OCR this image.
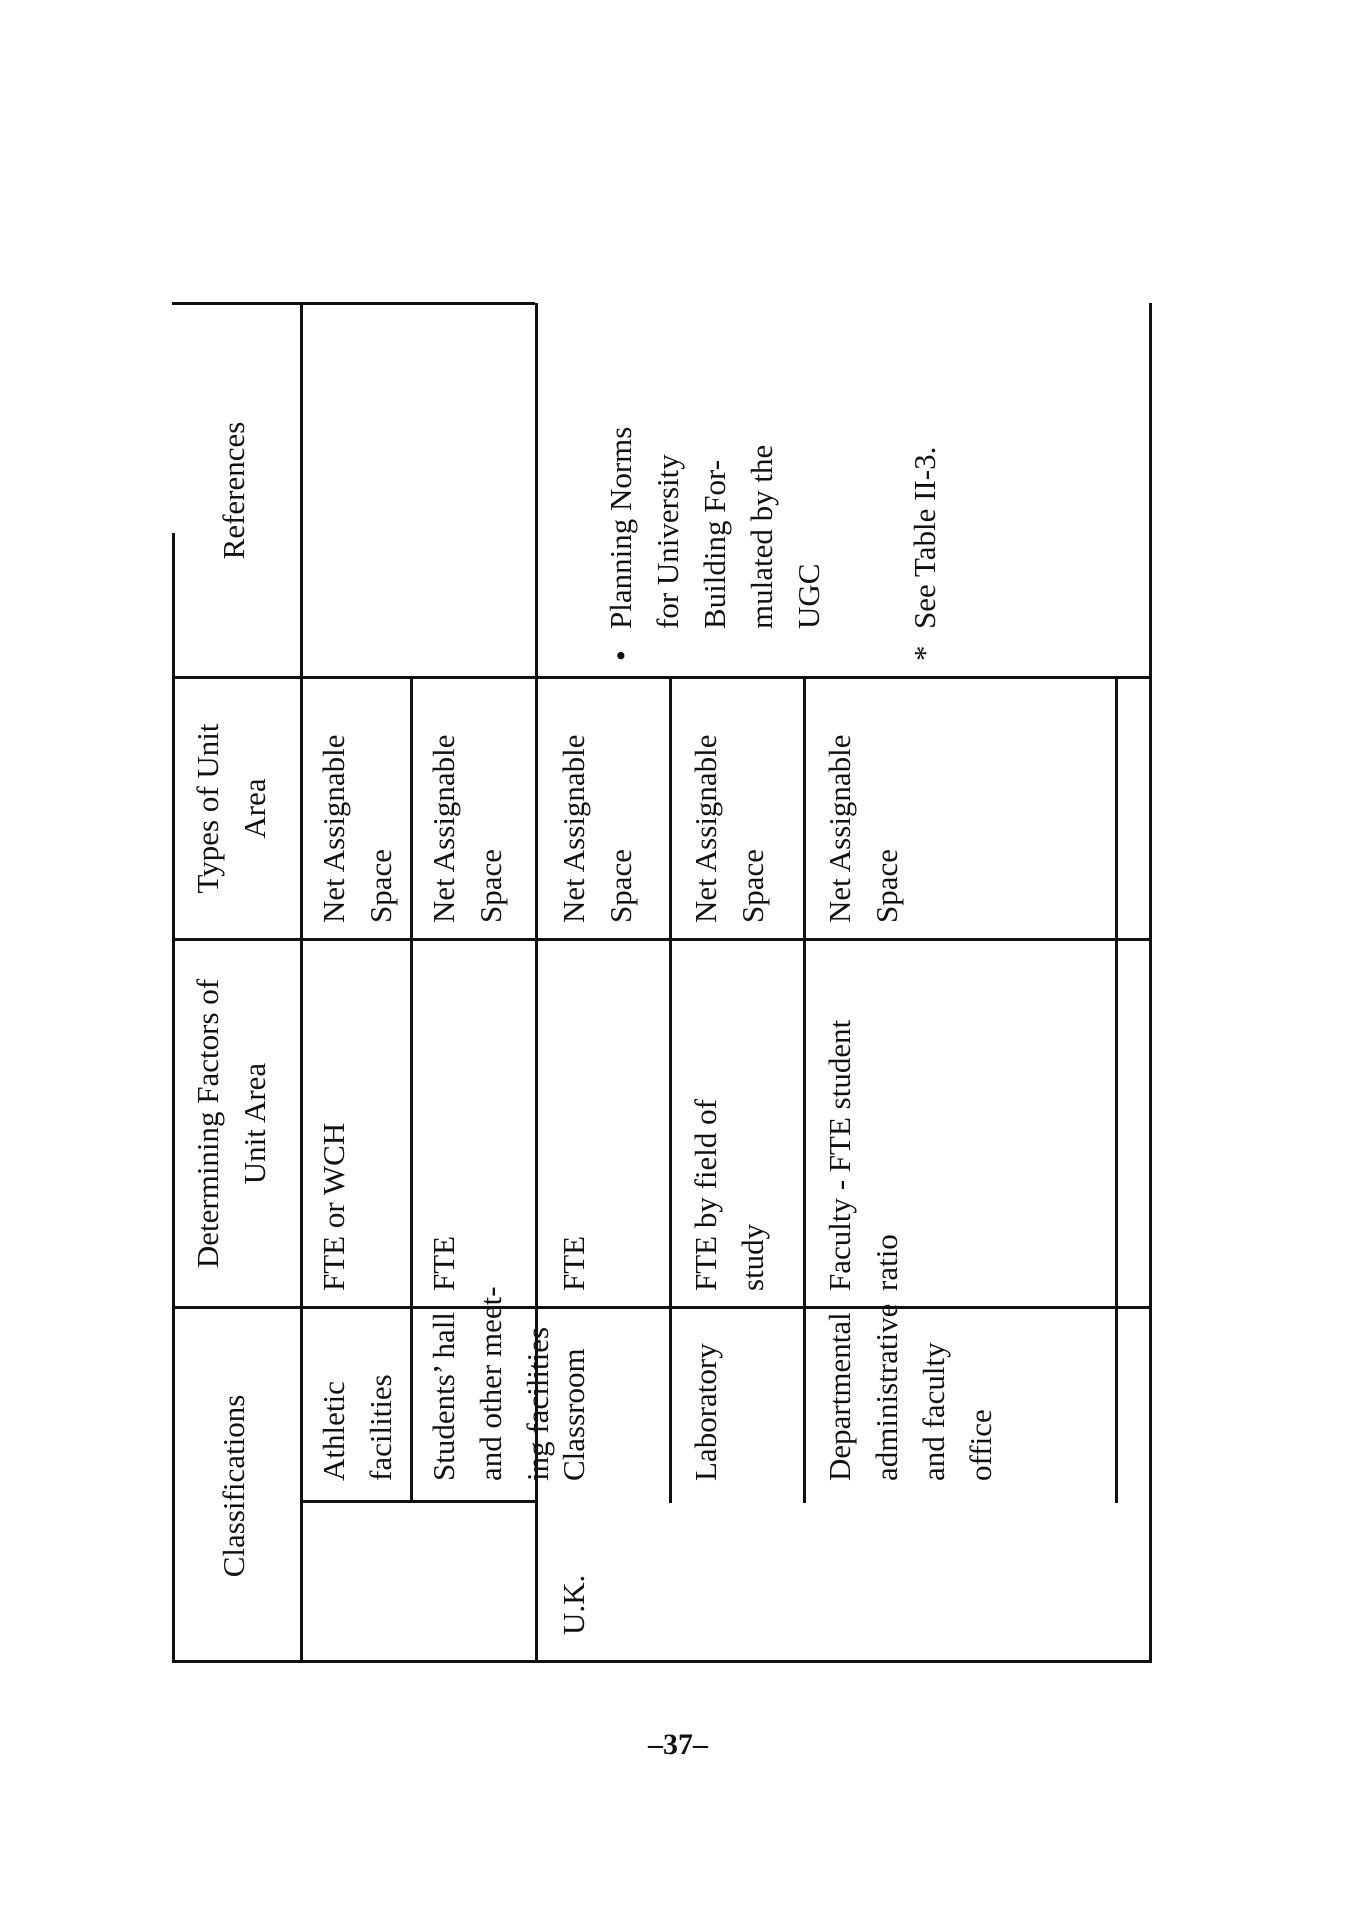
Classifications
Determining Factors of
Unit Area
Types of Unit
Area
References
U.K.
Athletic
facilities
FTE or WCH
Net Assignable
Space
Students’ hall
and other meet-
ing facilities
FTE
Net Assignable
Space
Classroom
FTE
Net Assignable
Space
Laboratory
FTE by field of
study
Net Assignable
Space
Departmental
administrative
and faculty
office
Faculty - FTE student
ratio
Net Assignable
Space

•
Planning Norms
for University
Building For-
mulated by the
UGC

*
See Table II-3.

–37–
